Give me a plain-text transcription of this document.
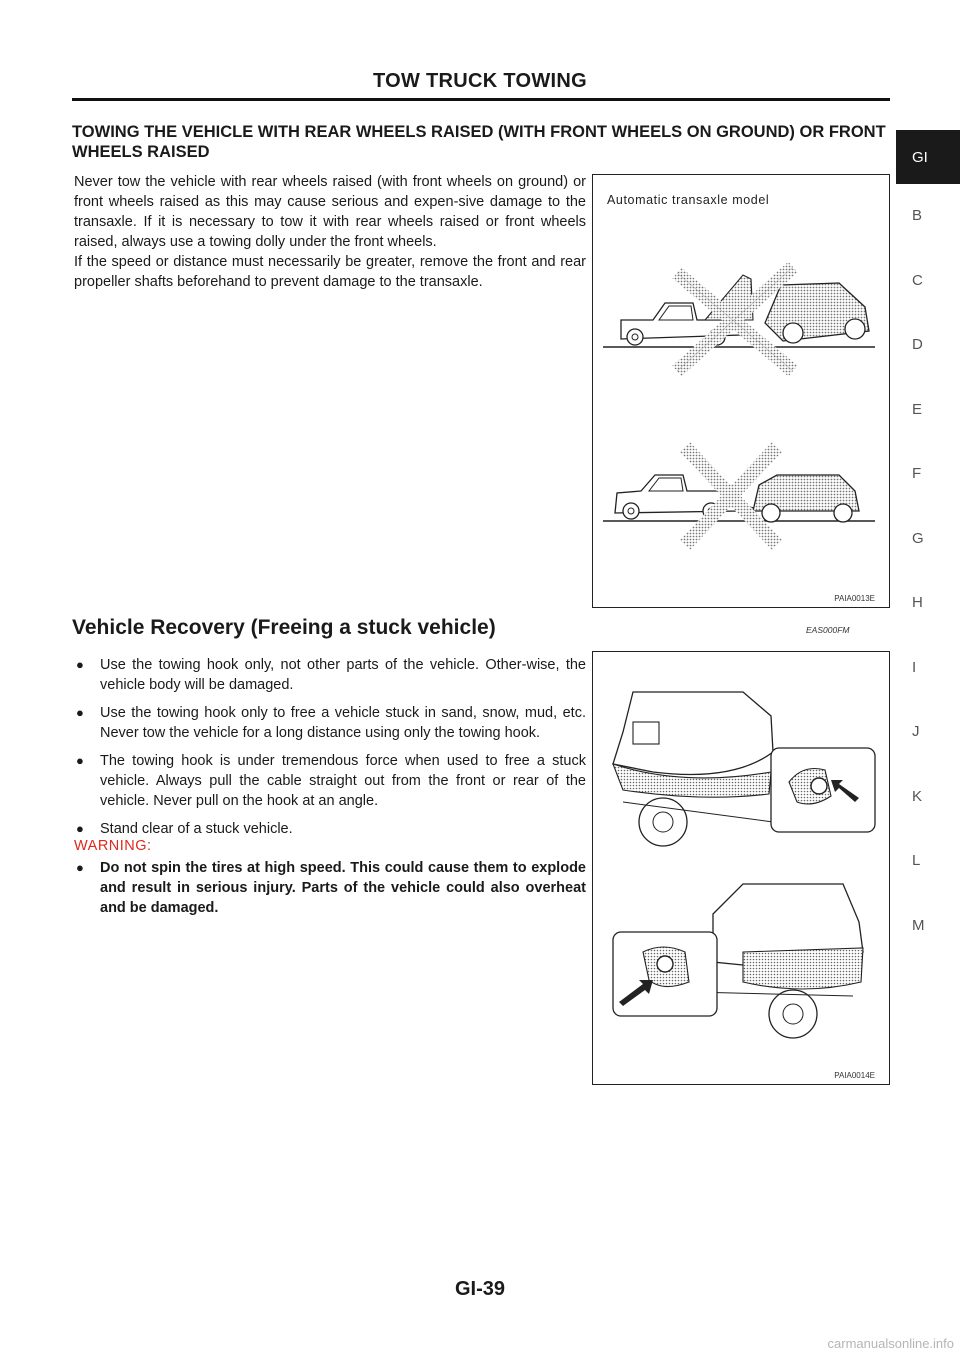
TOW TRUCK TOWING
GI
B
C
D
E
F
G
H
I
J
K
L
M
TOWING THE VEHICLE WITH REAR WHEELS RAISED (WITH FRONT WHEELS ON GROUND) OR FRONT WHEELS RAISED
Never tow the vehicle with rear wheels raised (with front wheels on ground) or front wheels raised as this may cause serious and expen-sive damage to the transaxle. If it is necessary to tow it with rear wheels raised or front wheels raised, always use a towing dolly under the front wheels.
If the speed or distance must necessarily be greater, remove the front and rear propeller shafts beforehand to prevent damage to the transaxle.
Automatic transaxle model
PAIA0013E
Vehicle Recovery (Freeing a stuck vehicle)	EAS000FM
● Use the towing hook only, not other parts of the vehicle. Other-wise, the vehicle body will be damaged.
● Use the towing hook only to free a vehicle stuck in sand, snow, mud, etc. Never tow the vehicle for a long distance using only the towing hook.
● The towing hook is under tremendous force when used to free a stuck vehicle. Always pull the cable straight out from the front or rear of the vehicle. Never pull on the hook at an angle.
● Stand clear of a stuck vehicle.
WARNING:
● Do not spin the tires at high speed. This could cause them to explode and result in serious injury. Parts of the vehicle could also overheat and be damaged.
PAIA0014E
GI-39
carmanualsonline.info
